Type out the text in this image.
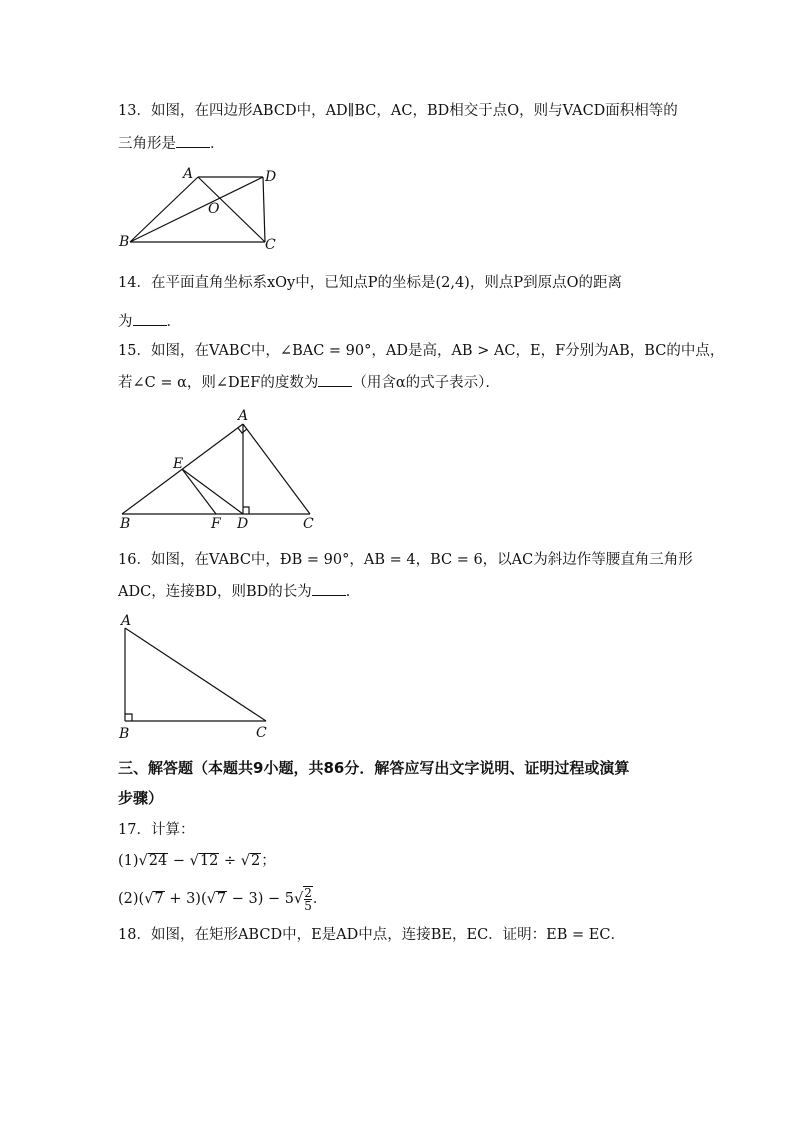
13．如图，在四边形ABCD中，AD∥BC，AC，BD相交于点O，则与VACD面积相等的
三角形是 ．
A	D
O
B	C
14．在平面直角坐标系xOy中，已知点P的坐标是(2,4)，则点P到原点O的距离
为 ．
15．如图，在VABC中，∠BAC = 90°，AD是高，AB > AC，E，F分别为AB，BC的中点，
若∠C = α，则∠DEF的度数为 （用含α的式子表示）．
A
E
B	F D	C
16．如图，在VABC中，ÐB = 90°，AB = 4，BC = 6，以AC为斜边作等腰直角三角形
ADC，连接BD，则BD的长为 ．
A
B	C
三、解答题（本题共9小题，共86分．解答应写出文字说明、证明过程或演算
步骤）
17．计算：
(1)√24 − √12 ÷ √2；
$(2)(√7 + 3)(√7 - 3) - 5√ \frac{2}{5}$ ．
18．如图，在矩形ABCD中，E是AD中点，连接BE，EC．证明：EB = EC．
